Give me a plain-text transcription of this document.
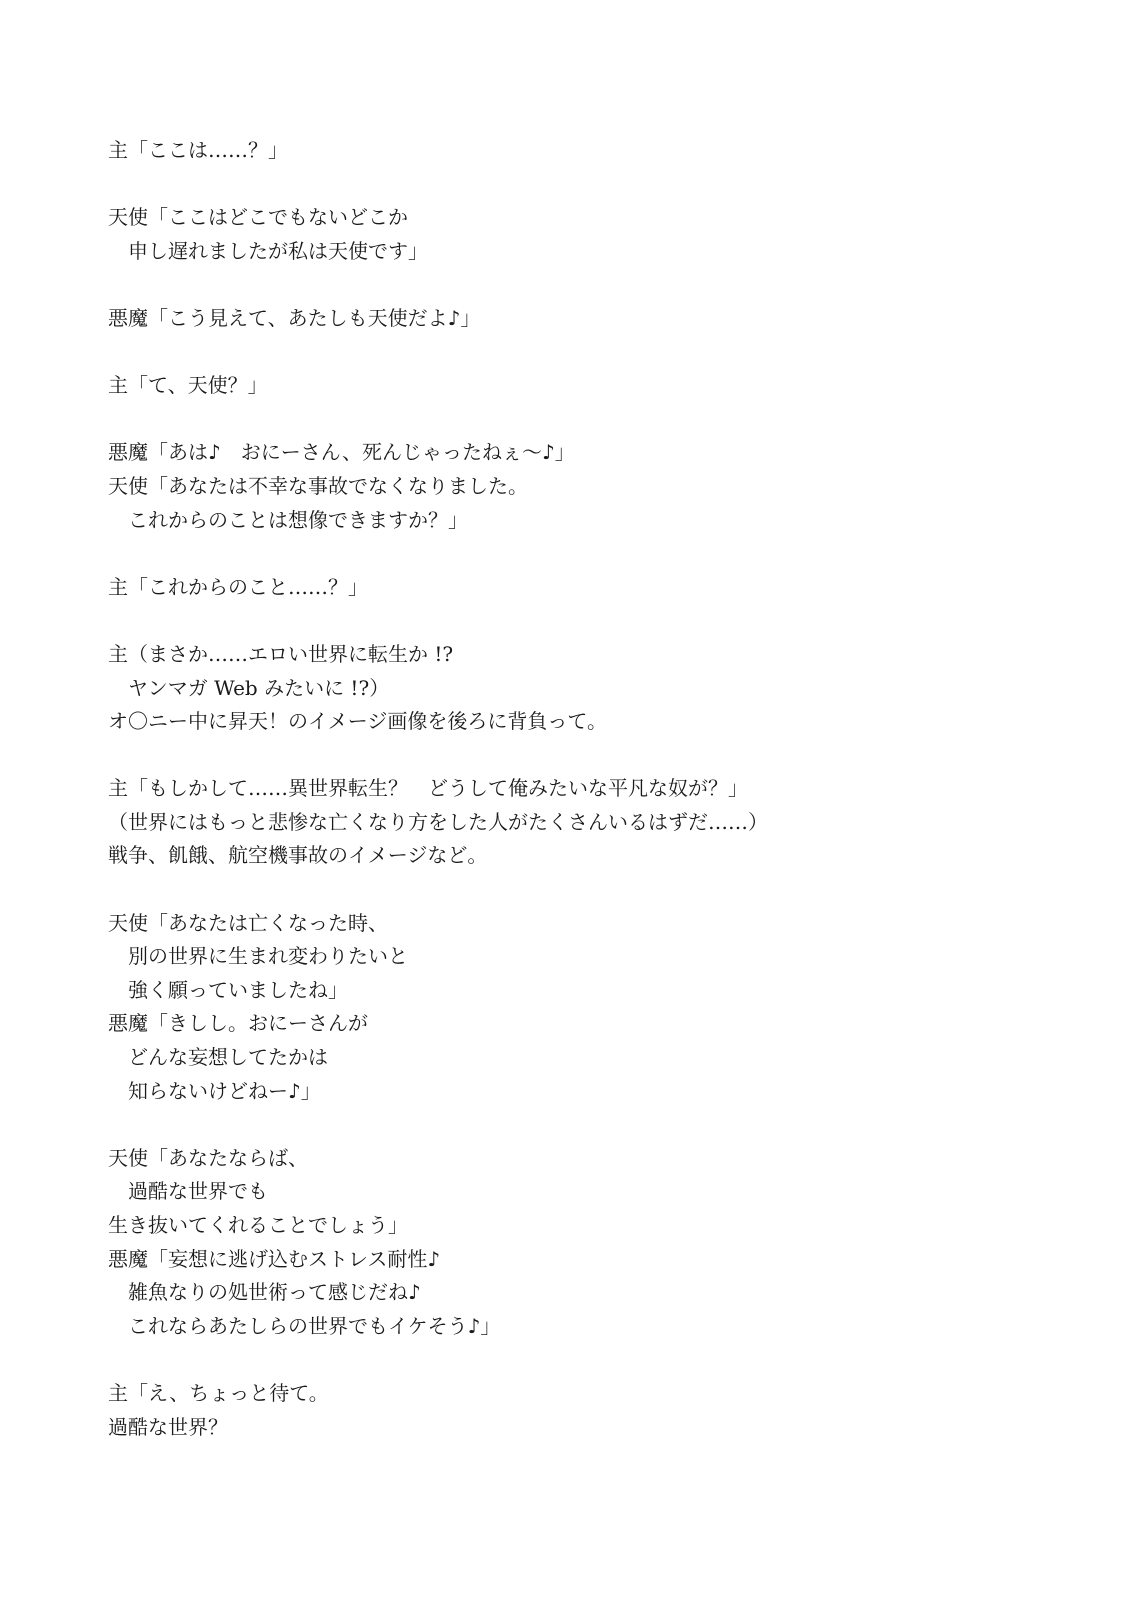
主「ここは……？」
天使「ここはどこでもないどこか
　申し遅れましたが私は天使です」
悪魔「こう見えて、あたしも天使だよ♪」
主「て、天使？」
悪魔「あは♪　おにーさん、死んじゃったねぇ〜♪」
天使「あなたは不幸な事故でなくなりました。
　これからのことは想像できますか？」
主「これからのこと……？」
主（まさか……エロい世界に転生か !?
　ヤンマガ Web みたいに !?）
オ〇ニー中に昇天！のイメージ画像を後ろに背負って。
主「もしかして……異世界転生？　どうして俺みたいな平凡な奴が？」
（世界にはもっと悲惨な亡くなり方をした人がたくさんいるはずだ……）
戦争、飢餓、航空機事故のイメージなど。
天使「あなたは亡くなった時、
　別の世界に生まれ変わりたいと
　強く願っていましたね」
悪魔「きしし。おにーさんが
　どんな妄想してたかは
　知らないけどねー♪」
天使「あなたならば、
　過酷な世界でも
生き抜いてくれることでしょう」
悪魔「妄想に逃げ込むストレス耐性♪
　雑魚なりの処世術って感じだね♪
　これならあたしらの世界でもイケそう♪」
主「え、ちょっと待て。
過酷な世界？
